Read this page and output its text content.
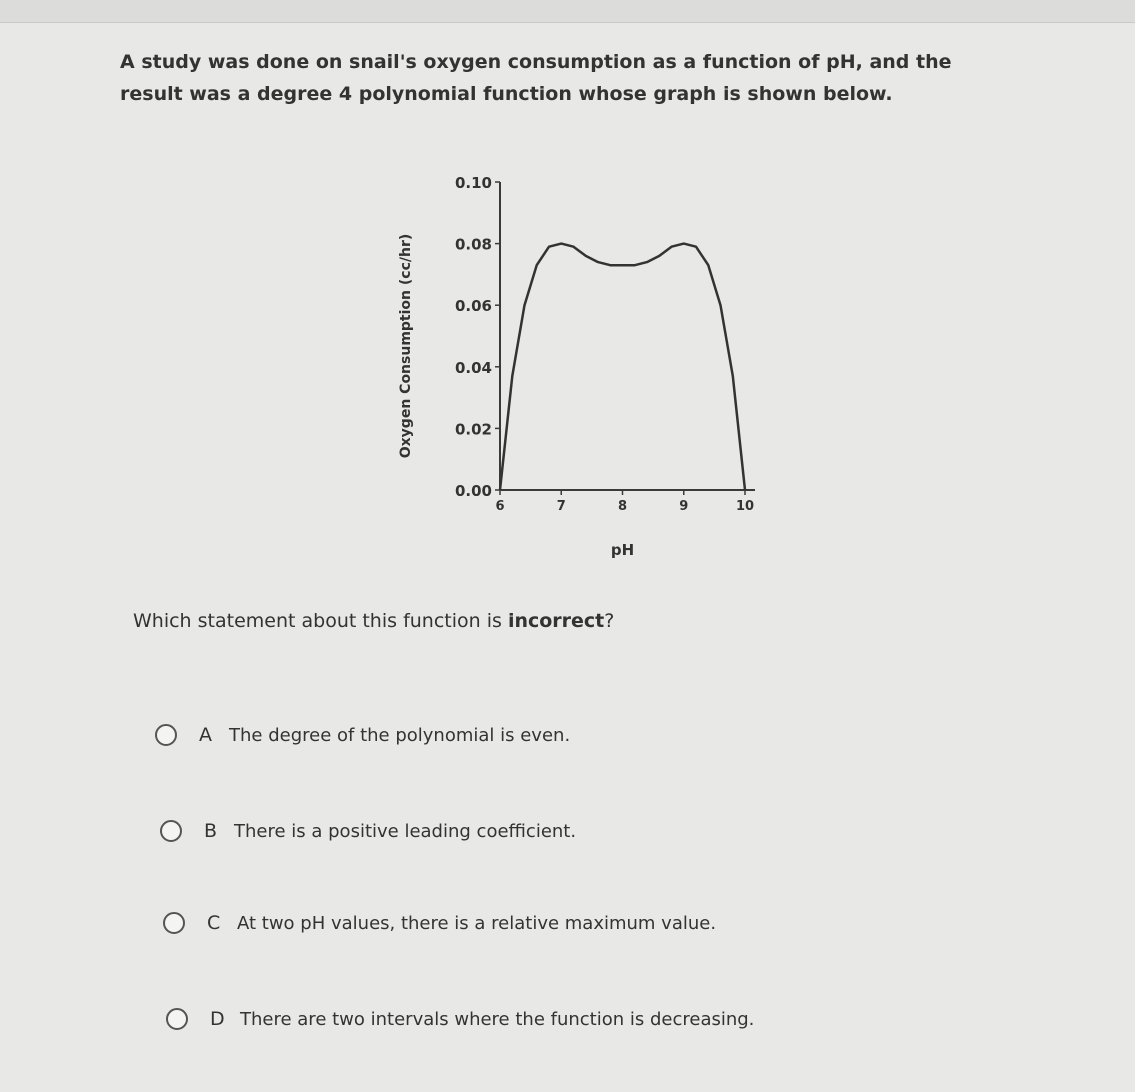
A study was done on snail's oxygen consumption as a function of pH, and the result was a degree 4 polynomial function whose graph is shown below.
0.00
0.02
0.04
0.06
0.08
0.10
6	7	8	9	10
pH
Oxygen Consumption (cc/hr)
Which statement about this function is incorrect?
A The degree of the polynomial is even.
B There is a positive leading coefficient.
C At two pH values, there is a relative maximum value.
D There are two intervals where the function is decreasing.
